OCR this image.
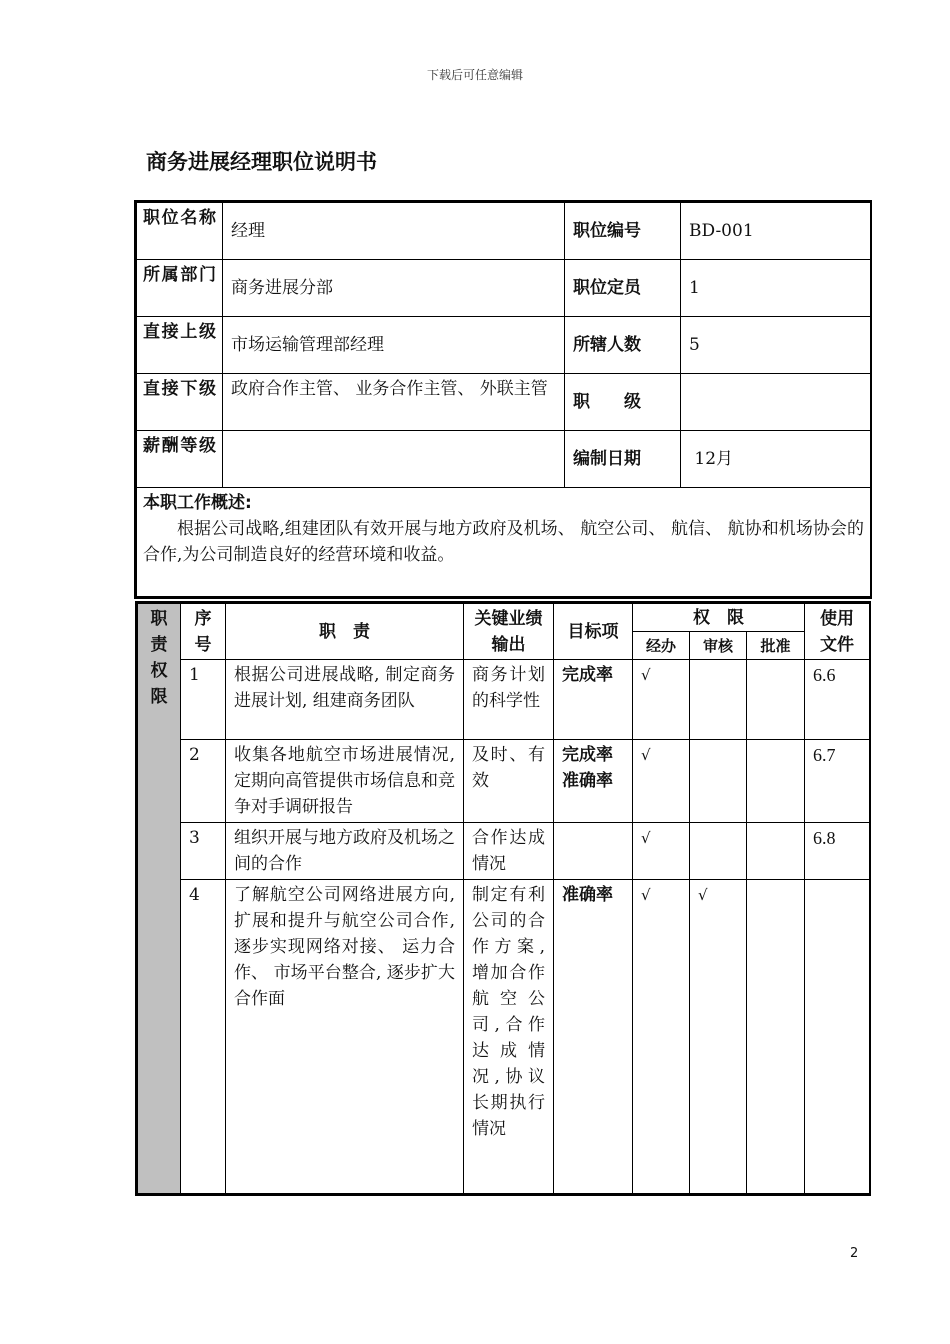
下载后可任意编辑
商务进展经理职位说明书
职位名称	经理	职位编号	BD-001
所属部门	商务进展分部	职位定员	1
直接上级	市场运输管理部经理	所辖人数	5
直接下级	政府合作主管、 业务合作主管、 外联主管	职　　级	
薪酬等级		编制日期	12月

本职工作概述:
根据公司战略,组建团队有效开展与地方政府及机场、 航空公司、 航信、 航协和机场协会的合作,为公司制造良好的经营环境和收益。			
职责权限	序号	职　责	关键业绩输出	目标项	权　限			使用文件

					经办	审核	批准	
	1	根据公司进展战略, 制定商务进展计划, 组建商务团队	商务计划的科学性	完成率	√			6.6
	2	收集各地航空市场进展情况, 定期向高管提供市场信息和竞争对手调研报告	及时、有效	完成率
准确率	√			6.7
	3	组织开展与地方政府及机场之间的合作	合作达成情况		√			6.8
	4	了解航空公司网络进展方向, 扩展和提升与航空公司合作, 逐步实现网络对接、 运力合作、 市场平台整合, 逐步扩大合作面	制定有利公司的合作方案,增加合作航空公司,合作达成情况,协议长期执行情况	准确率	√	√		
2
